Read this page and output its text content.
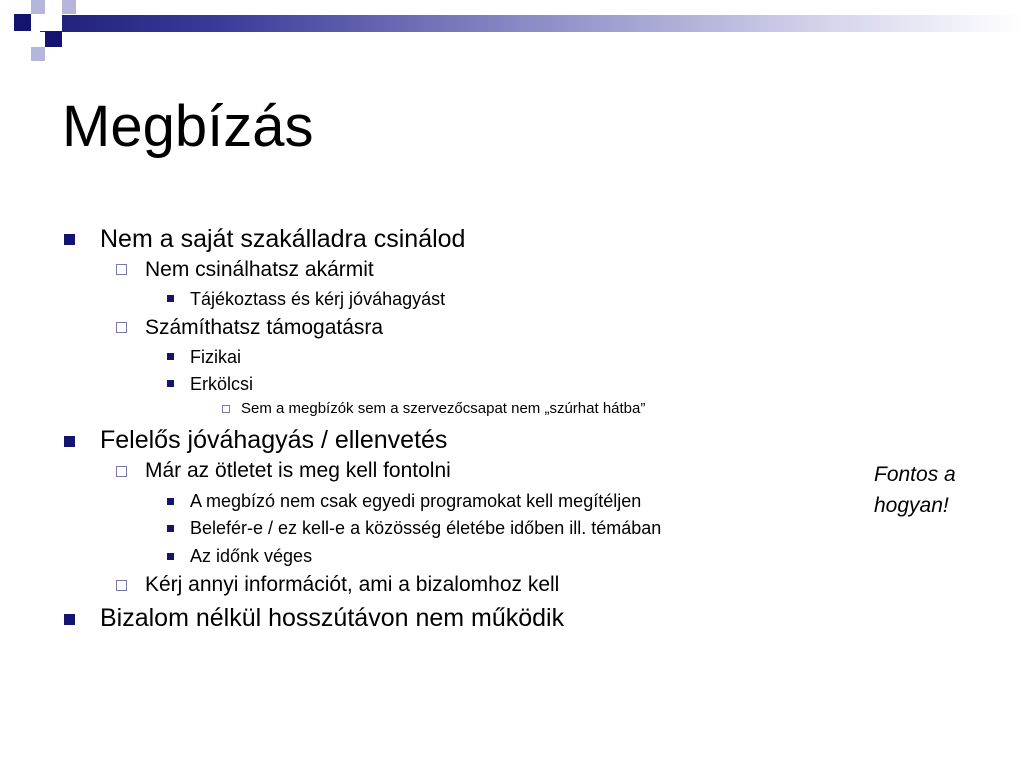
Megbízás
Nem a saját szakálladra csinálod
Nem csinálhatsz akármit
Tájékoztass és kérj jóváhagyást
Számíthatsz támogatásra
Fizikai
Erkölcsi
Sem a megbízók sem a szervezőcsapat nem „szúrhat hátba”
Felelős jóváhagyás / ellenvetés
Már az ötletet is meg kell fontolni
A megbízó nem csak egyedi programokat kell megítéljen
Belefér-e / ez kell-e a közösség életébe időben ill. témában
Az időnk véges
Kérj annyi információt, ami a bizalomhoz kell
Bizalom nélkül hosszútávon nem működik
Fontos a
hogyan!
